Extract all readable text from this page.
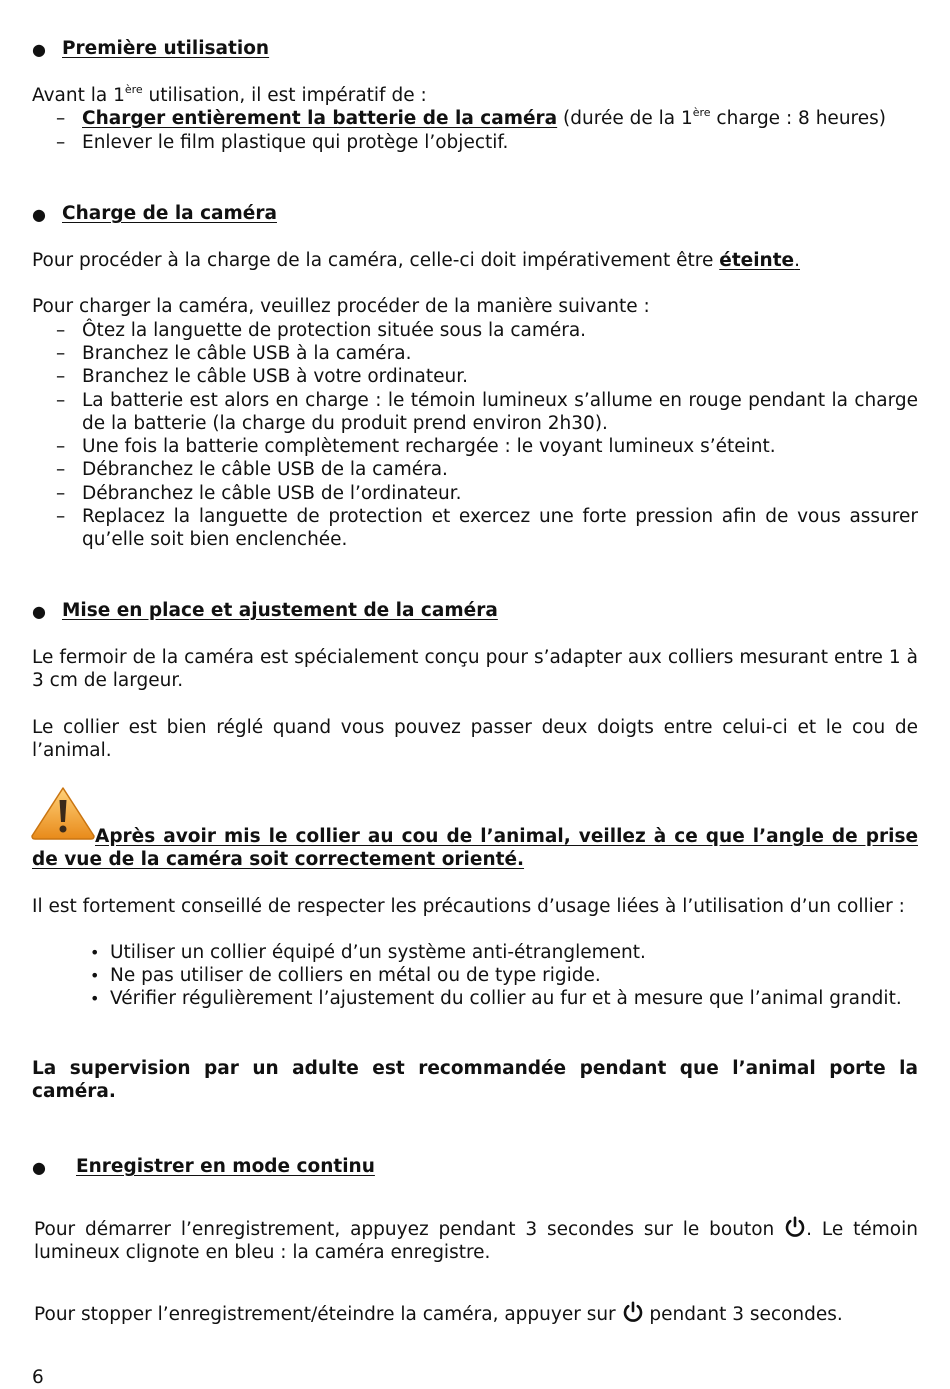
● Première utilisation
Avant la 1ère utilisation, il est impératif de :
– Charger entièrement la batterie de la caméra (durée de la 1ère charge : 8 heures)
– Enlever le film plastique qui protège l’objectif.
● Charge de la caméra
Pour procéder à la charge de la caméra, celle-ci doit impérativement être éteinte.
Pour charger la caméra, veuillez procéder de la manière suivante :
– Ôtez la languette de protection située sous la caméra.
– Branchez le câble USB à la caméra.
– Branchez le câble USB à votre ordinateur.
– La batterie est alors en charge : le témoin lumineux s’allume en rouge pendant la charge de la batterie (la charge du produit prend environ 2h30).
– Une fois la batterie complètement rechargée : le voyant lumineux s’éteint.
– Débranchez le câble USB de la caméra.
– Débranchez le câble USB de l’ordinateur.
– Replacez la languette de protection et exercez une forte pression afin de vous assurer qu’elle soit bien enclenchée.
● Mise en place et ajustement de la caméra
Le fermoir de la caméra est spécialement conçu pour s’adapter aux colliers mesurant entre 1 à 3 cm de largeur.
Le collier est bien réglé quand vous pouvez passer deux doigts entre celui-ci et le cou de l’animal.
Après avoir mis le collier au cou de l’animal, veillez à ce que l’angle de prise de vue de la caméra soit correctement orienté.
Il est fortement conseillé de respecter les précautions d’usage liées à l’utilisation d’un collier :
• Utiliser un collier équipé d’un système anti-étranglement.
• Ne pas utiliser de colliers en métal ou de type rigide.
• Vérifier régulièrement l’ajustement du collier au fur et à mesure que l’animal grandit.
La supervision par un adulte est recommandée pendant que l’animal porte la caméra.
● Enregistrer en mode continu
Pour démarrer l’enregistrement, appuyez pendant 3 secondes sur le bouton . Le témoin lumineux clignote en bleu : la caméra enregistre.
Pour stopper l’enregistrement/éteindre la caméra, appuyer sur  pendant 3 secondes.
6
